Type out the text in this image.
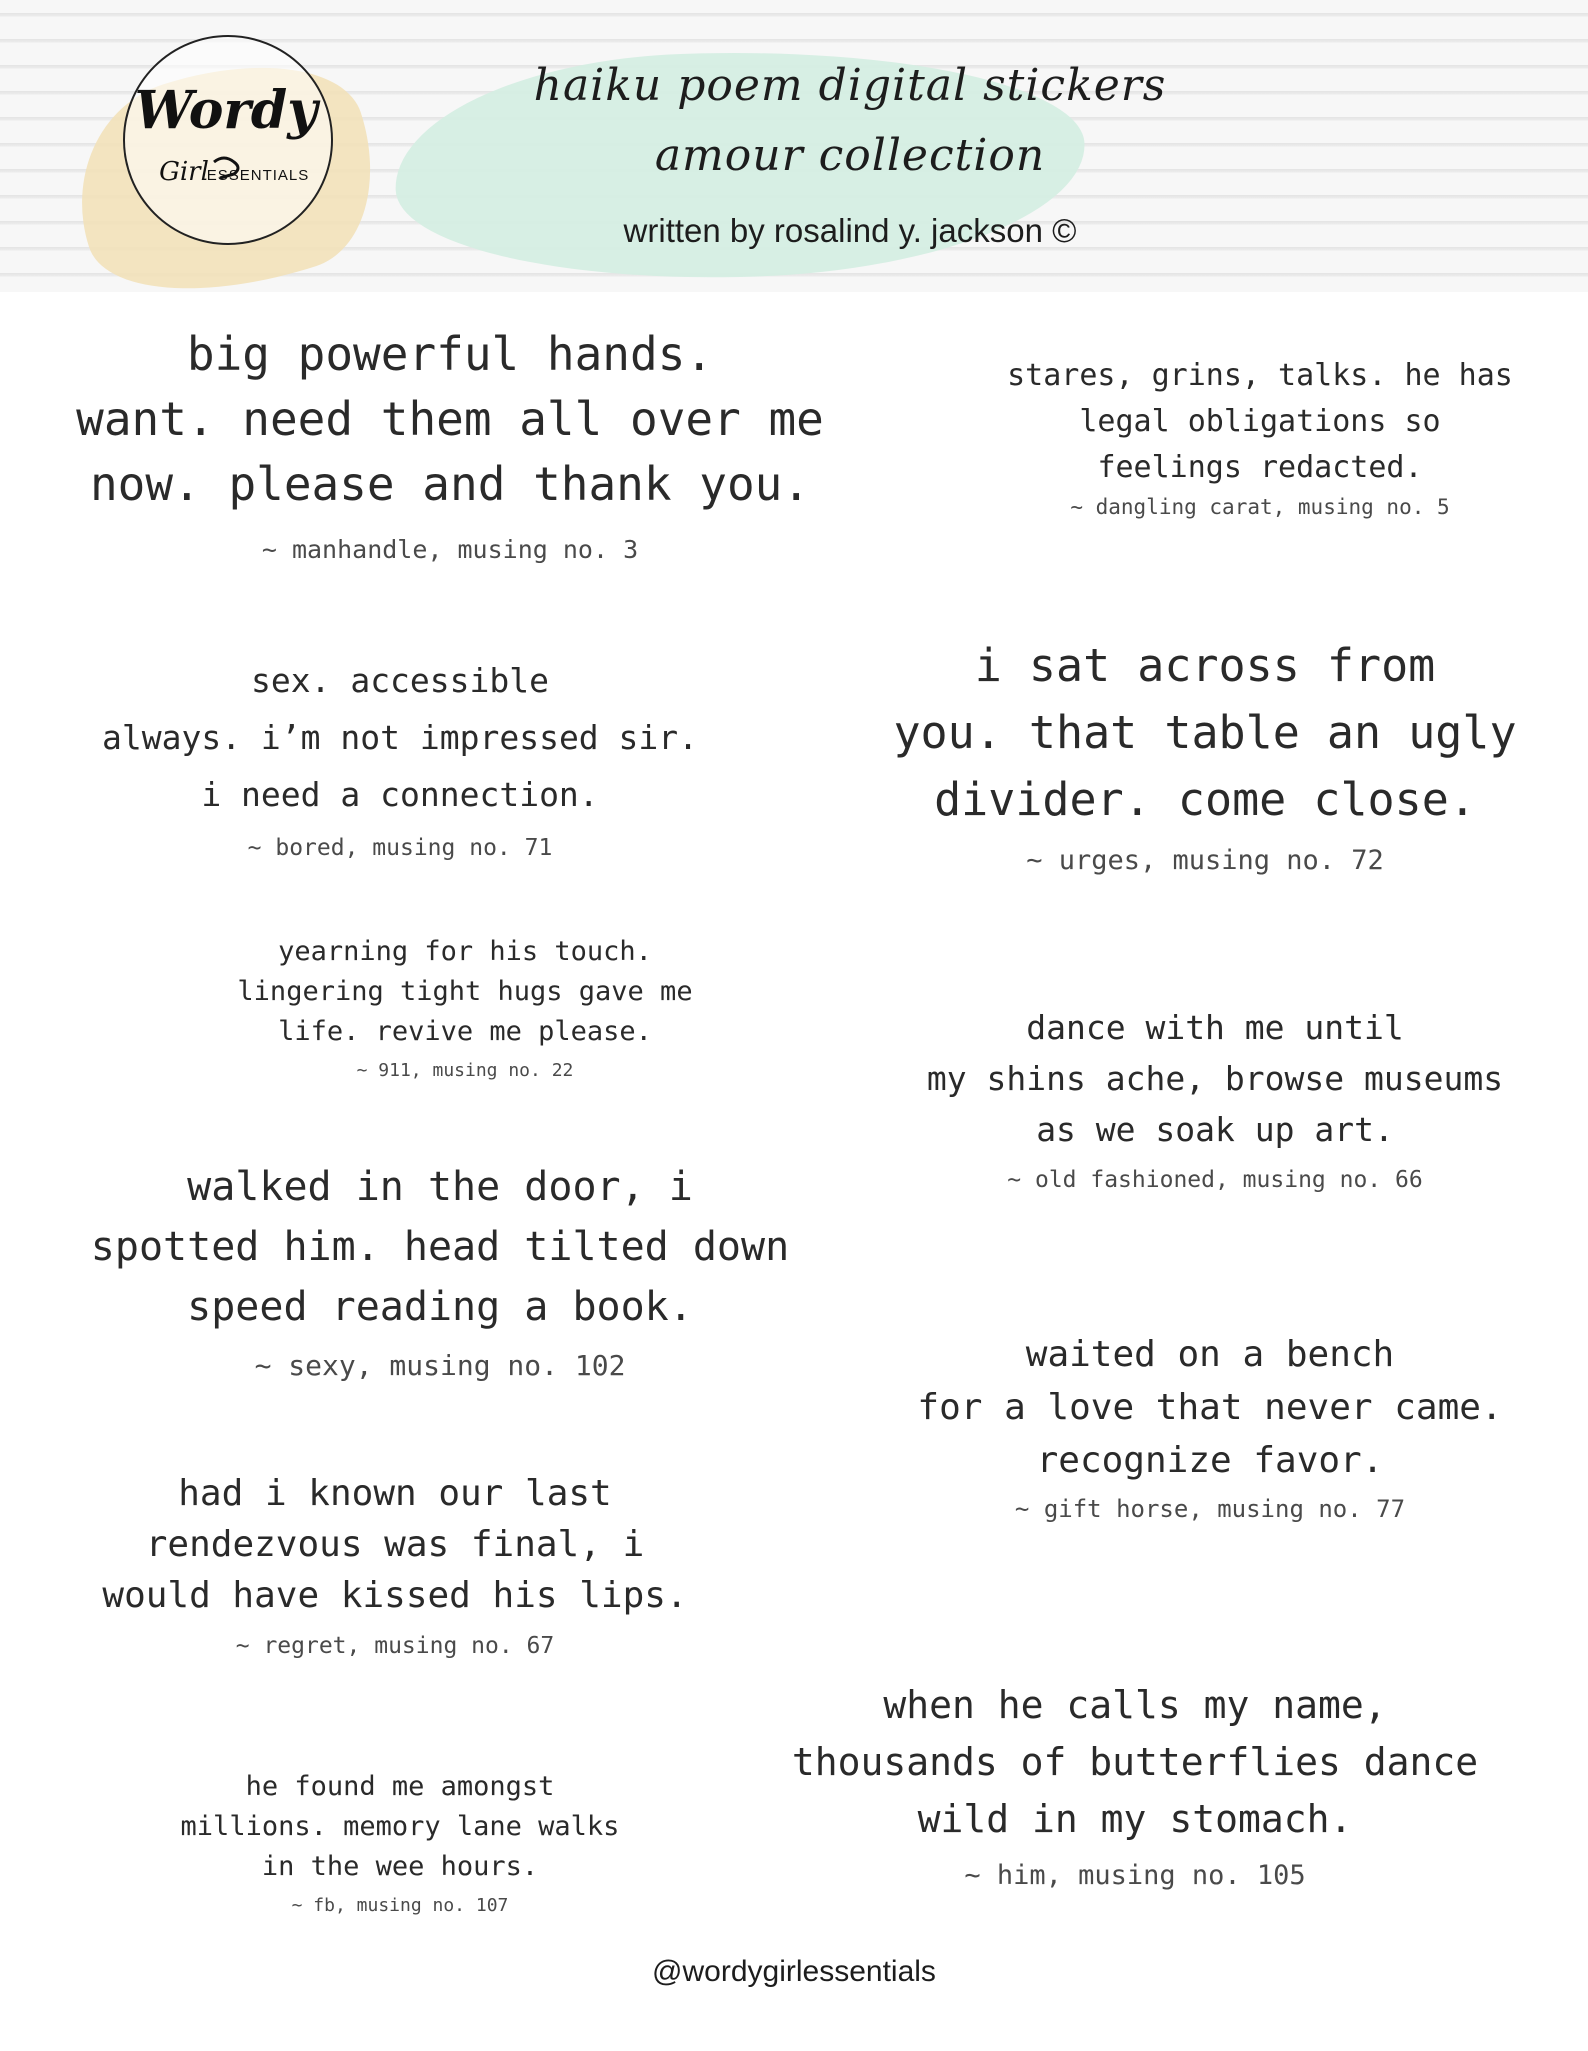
Wordy
Girl
ESSENTIALS
haiku poem digital stickers
amour collection
written by rosalind y. jackson ©
big powerful hands.
want. need them all over me
now. please and thank you.
~ manhandle, musing no. 3
stares, grins, talks. he has
legal obligations so
feelings redacted.
~ dangling carat, musing no. 5
sex. accessible
always. i’m not impressed sir.
i need a connection.
~ bored, musing no. 71
i sat across from
you. that table an ugly
divider. come close.
~ urges, musing no. 72
yearning for his touch.
lingering tight hugs gave me
life. revive me please.
~ 911, musing no. 22
dance with me until
my shins ache, browse museums
as we soak up art.
~ old fashioned, musing no. 66
walked in the door, i
spotted him. head tilted down
speed reading a book.
~ sexy, musing no. 102	waited on a bench
for a love that never came.
recognize favor.
~ gift horse, musing no. 77
had i known our last
rendezvous was final, i
would have kissed his lips.
~ regret, musing no. 67
when he calls my name,
thousands of butterflies dance
wild in my stomach.
~ him, musing no. 105
he found me amongst
millions. memory lane walks
in the wee hours.
~ fb, musing no. 107
@wordygirlessentials
